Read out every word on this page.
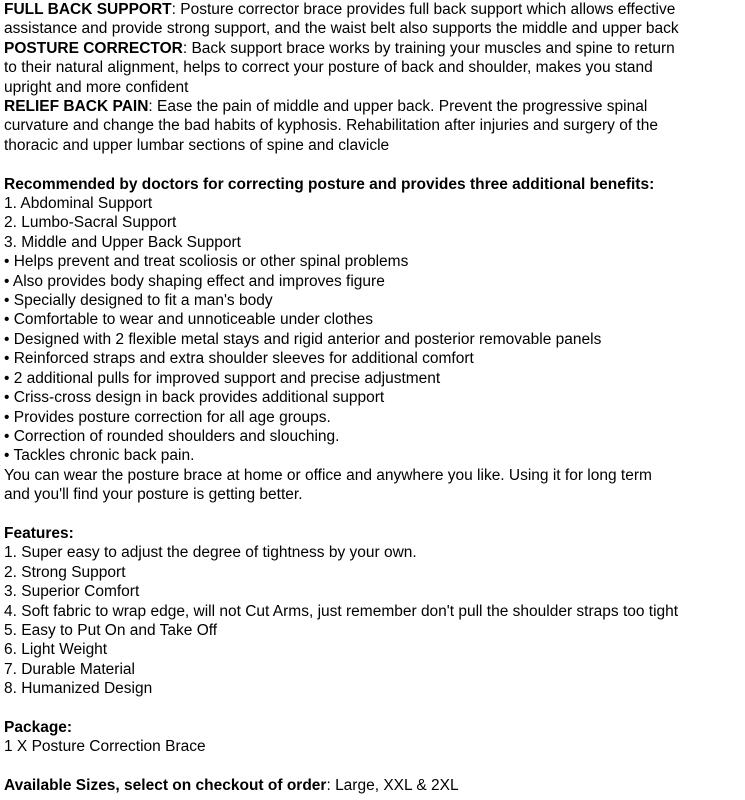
FULL BACK SUPPORT: Posture corrector brace provides full back support which allows effective
assistance and provide strong support, and the waist belt also supports the middle and upper back
POSTURE CORRECTOR: Back support brace works by training your muscles and spine to return
to their natural alignment, helps to correct your posture of back and shoulder, makes you stand
upright and more confident
RELIEF BACK PAIN: Ease the pain of middle and upper back. Prevent the progressive spinal
curvature and change the bad habits of kyphosis. Rehabilitation after injuries and surgery of the
thoracic and upper lumbar sections of spine and clavicle
Recommended by doctors for correcting posture and provides three additional benefits:
1. Abdominal Support
2. Lumbo-Sacral Support
3. Middle and Upper Back Support
• Helps prevent and treat scoliosis or other spinal problems
• Also provides body shaping effect and improves figure
• Specially designed to fit a man's body
• Comfortable to wear and unnoticeable under clothes
• Designed with 2 flexible metal stays and rigid anterior and posterior removable panels
• Reinforced straps and extra shoulder sleeves for additional comfort
• 2 additional pulls for improved support and precise adjustment
• Criss-cross design in back provides additional support
• Provides posture correction for all age groups.
• Correction of rounded shoulders and slouching.
• Tackles chronic back pain.
You can wear the posture brace at home or office and anywhere you like. Using it for long term
and you'll find your posture is getting better.
Features:
1. Super easy to adjust the degree of tightness by your own.
2. Strong Support
3. Superior Comfort
4. Soft fabric to wrap edge, will not Cut Arms, just remember don't pull the shoulder straps too tight
5. Easy to Put On and Take Off
6. Light Weight
7. Durable Material
8. Humanized Design
Package:
1 X Posture Correction Brace
Available Sizes, select on checkout of order: Large, XXL & 2XL
